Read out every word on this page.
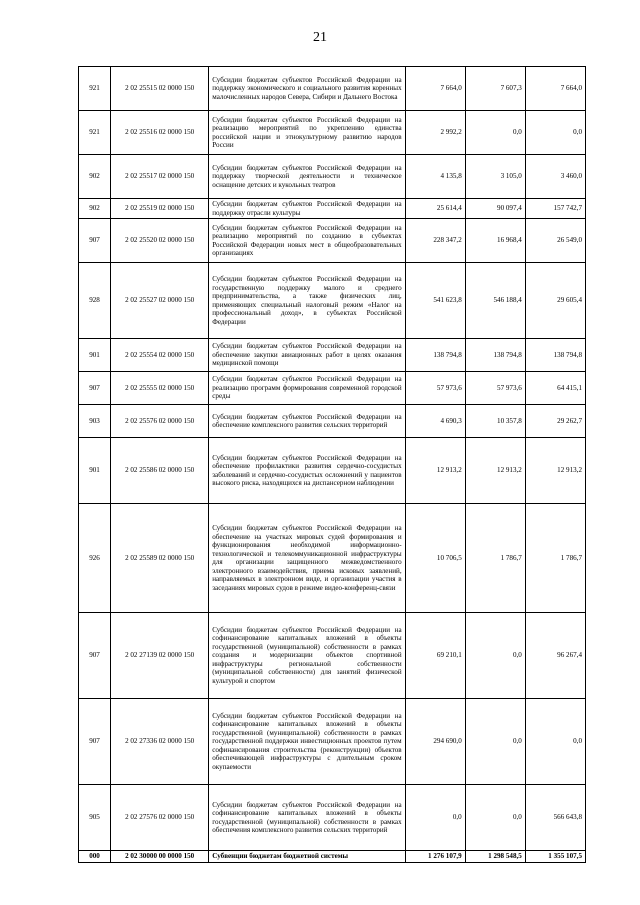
21
921	2 02 25515 02 0000 150	Субсидии бюджетам субъектов Российской Федерации на поддержку экономического и социального развития коренных малочисленных народов Севера, Сибири и Дальнего Востока	7 664,0	7 607,3	7 664,0
921	2 02 25516 02 0000 150	Субсидии бюджетам субъектов Российской Федерации на реализацию мероприятий по укреплению единства российской нации и этнокультурному развитию народов России	2 992,2	0,0	0,0
902	2 02 25517 02 0000 150	Субсидии бюджетам субъектов Российской Федерации на поддержку творческой деятельности и техническое оснащение детских и кукольных театров	4 135,8	3 105,0	3 460,0
902	2 02 25519 02 0000 150	Субсидии бюджетам субъектов Российской Федерации на поддержку отрасли культуры	25 614,4	90 097,4	157 742,7
907	2 02 25520 02 0000 150	Субсидии бюджетам субъектов Российской Федерации на реализацию мероприятий по созданию в субъектах Российской Федерации новых мест в общеобразовательных организациях	228 347,2	16 968,4	26 549,0
928	2 02 25527 02 0000 150	Субсидии бюджетам субъектов Российской Федерации на государственную поддержку малого и среднего предпринимательства, а также физических лиц, применяющих специальный налоговый режим «Налог на профессиональный доход», в субъектах Российской Федерации	541 623,8	546 188,4	29 605,4
901	2 02 25554 02 0000 150	Субсидии бюджетам субъектов Российской Федерации на обеспечение закупки авиационных работ в целях оказания медицинской помощи	138 794,8	138 794,8	138 794,8
907	2 02 25555 02 0000 150	Субсидии бюджетам субъектов Российской Федерации на реализацию программ формирования современной городской среды	57 973,6	57 973,6	64 415,1
903	2 02 25576 02 0000 150	Субсидии бюджетам субъектов Российской Федерации на обеспечение комплексного развития сельских территорий	4 690,3	10 357,8	29 262,7
901	2 02 25586 02 0000 150	Субсидии бюджетам субъектов Российской Федерации на обеспечение профилактики развития сердечно-сосудистых заболеваний и сердечно-сосудистых осложнений у пациентов высокого риска, находящихся на диспансерном наблюдении	12 913,2	12 913,2	12 913,2
926	2 02 25589 02 0000 150	Субсидии бюджетам субъектов Российской Федерации на обеспечение на участках мировых судей формирования и функционирования необходимой информационно-технологической и телекоммуникационной инфраструктуры для организации защищенного межведомственного электронного взаимодействия, приема исковых заявлений, направляемых в электронном виде, и организации участия в заседаниях мировых судов в режиме видео-конференц-связи	10 706,5	1 786,7	1 786,7
907	2 02 27139 02 0000 150	Субсидии бюджетам субъектов Российской Федерации на софинансирование капитальных вложений в объекты государственной (муниципальной) собственности в рамках создания и модернизации объектов спортивной инфраструктуры региональной собственности (муниципальной собственности) для занятий физической культурой и спортом	69 210,1	0,0	96 267,4
907	2 02 27336 02 0000 150	Субсидии бюджетам субъектов Российской Федерации на софинансирование капитальных вложений в объекты государственной (муниципальной) собственности в рамках государственной поддержки инвестиционных проектов путем софинансирования строительства (реконструкции) объектов обеспечивающей инфраструктуры с длительным сроком окупаемости	294 690,0	0,0	0,0
905	2 02 27576 02 0000 150	Субсидии бюджетам субъектов Российской Федерации на софинансирование капитальных вложений в объекты государственной (муниципальной) собственности в рамках обеспечения комплексного развития сельских территорий	0,0	0,0	566 643,8
000	2 02 30000 00 0000 150	Субвенции бюджетам бюджетной системы	1 276 107,9	1 298 548,5	1 355 107,5
